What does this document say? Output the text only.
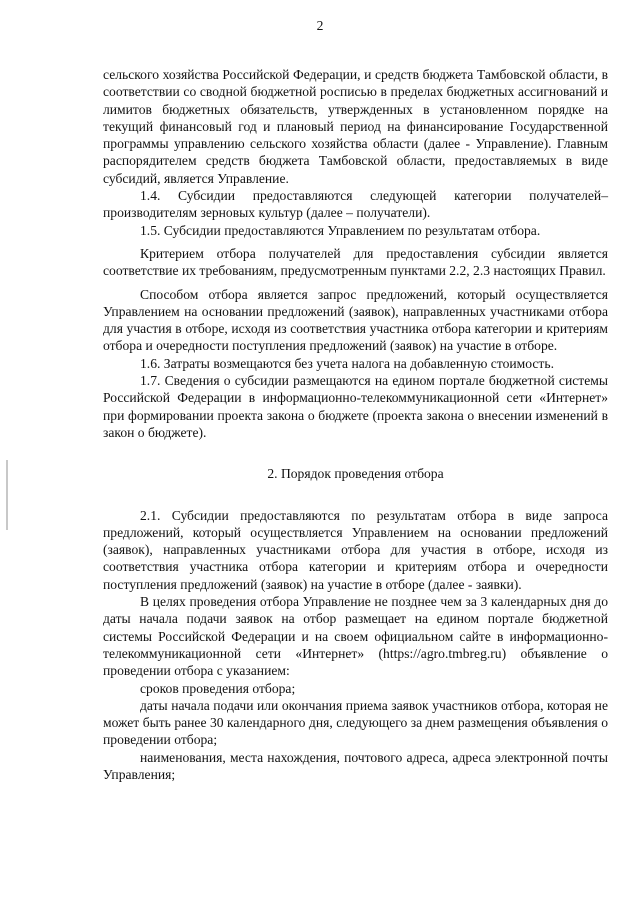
2

сельского хозяйства Российской Федерации, и средств бюджета Тамбовской области, в соответствии со сводной бюджетной росписью в пределах бюджетных ассигнований и лимитов бюджетных обязательств, утвержденных в установленном порядке на текущий финансовый год и плановый период на финансирование Государственной программы управлению сельского хозяйства области (далее - Управление). Главным распорядителем средств бюджета Тамбовской области, предоставляемых в виде субсидий, является Управление.

1.4. Субсидии предоставляются следующей категории получателей– производителям зерновых культур (далее – получатели).

1.5. Субсидии предоставляются Управлением по результатам отбора.

Критерием отбора получателей для предоставления субсидии является соответствие их требованиям, предусмотренным пунктами 2.2, 2.3 настоящих Правил.

Способом отбора является запрос предложений, который осуществляется Управлением на основании предложений (заявок), направленных участниками отбора для участия в отборе, исходя из соответствия участника отбора категории и критериям отбора и очередности поступления предложений (заявок) на участие в отборе.

1.6. Затраты возмещаются без учета налога на добавленную стоимость.

1.7. Сведения о субсидии размещаются на едином портале бюджетной системы Российской Федерации в информационно-телекоммуникационной сети «Интернет» при формировании проекта закона о бюджете (проекта закона о внесении изменений в закон о бюджете).

2. Порядок проведения отбора

2.1. Субсидии предоставляются по результатам отбора в виде запроса предложений, который осуществляется Управлением на основании предложений (заявок), направленных участниками отбора для участия в отборе, исходя из соответствия участника отбора категории и критериям отбора и очередности поступления предложений (заявок) на участие в отборе (далее - заявки).

В целях проведения отбора Управление не позднее чем за 3 календарных дня до даты начала подачи заявок на отбор размещает на едином портале бюджетной системы Российской Федерации и на своем официальном сайте в информационно-телекоммуникационной сети «Интернет» (https://agro.tmbreg.ru) объявление о проведении отбора с указанием:

сроков проведения отбора;

даты начала подачи или окончания приема заявок участников отбора, которая не может быть ранее 30 календарного дня, следующего за днем размещения объявления о проведении отбора;

наименования, места нахождения, почтового адреса, адреса электронной почты Управления;
